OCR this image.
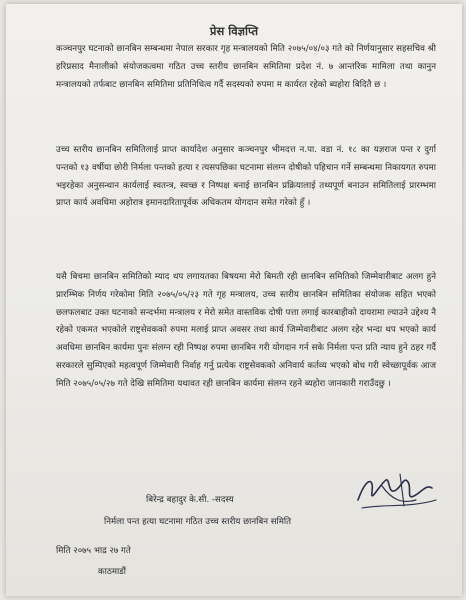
प्रेस विज्ञप्ति

कञ्चनपुर घटनाको छानबिन सम्बन्धमा नेपाल सरकार गृह मन्त्रालयको मिति २०७५/०४/०३ गते को निर्णयानुसार सहसचिव श्री हरिप्रसाद मैनालीको संयोजकत्वमा गठित उच्च स्तरीय छानबिन समितिमा प्रदेश नं. ७ आन्तरिक मामिला तथा कानुन मन्त्रालयको तर्फबाट छानबिन समितिमा प्रतिनिधित्व गर्दै सदस्यको रुपमा म कार्यरत रहेको ब्यहोरा बिदितै छ ।

उच्च स्तरीय छानबिन समितिलाई प्राप्त कार्यादेश अनुसार कञ्चनपुर भीमदत्त न.पा. वडा नं. १८ का यज्ञराज पन्त र दुर्गा पन्तको १३ वर्षीया छोरी निर्मला पन्तको हत्या र त्यसपछिका घटनामा संलग्न दोषीको पहिचान गर्ने सम्बन्धमा निकायगत रुपमा भइरहेका अनुसन्धान कार्यलाई स्वतन्त्र, स्वच्छ र निष्पक्ष बनाई छानबिन प्रक्रियालाई तथ्यपूर्ण बनाउन समितिलाई प्रारम्भमा प्राप्त कार्य अवधिमा अहोरात्र इमानदारितापूर्वक अधिकतम योगदान समेत गरेको हुँ ।

यसै बिचमा छानबिन समितिको म्याद थप लगायतका बिषयमा मेरो बिमती रही छानबिन समितिको जिम्मेवारीबाट अलग हुने प्रारम्भिक निर्णय गरेकोमा मिति २०७५/०५/२३ गते गृह मन्त्रालय, उच्च स्तरीय छानबिन समितिका संयोजक सहित भएको छलफलबाट उक्त घटनाको सन्दर्भमा मन्त्रालय र मेरो समेत वास्तविक दोषी पत्ता लगाई कारबाहीको दायरामा ल्याउने उद्देश्य नै रहेको एकमत भएकोले राष्ट्रसेवकको रुपमा मलाई प्राप्त अवसर तथा कार्य जिम्मेवारीबाट अलग रहेर भन्दा थप भएको कार्य अवधिमा छानबिन कार्यमा पुनः संलग्न रही निष्पक्ष रुपमा छानबिन गरी योगदान गर्न सके निर्मला पन्त प्रति न्याय हुने ठहर गर्दै सरकारले सुम्पिएको महत्वपूर्ण जिम्मेवारी निर्वाह गर्नु प्रत्येक राष्ट्रसेवकको अनिवार्य कर्तव्य भएको बोध गरी स्वेच्छापूर्वक आज मिति २०७५/०५/२७ गते देखि समितिमा यथावत रही छानबिन कार्यमा संलग्न रहने ब्यहोरा जानकारी गराउँदछु ।

बिरेन्द्र बहादुर के.सी. -सदस्य
निर्मला पन्त हत्या घटनामा गठित उच्च स्तरीय छानबिन समिति
मिति २०७५ भाद्र २७ गते
काठमाडौं
